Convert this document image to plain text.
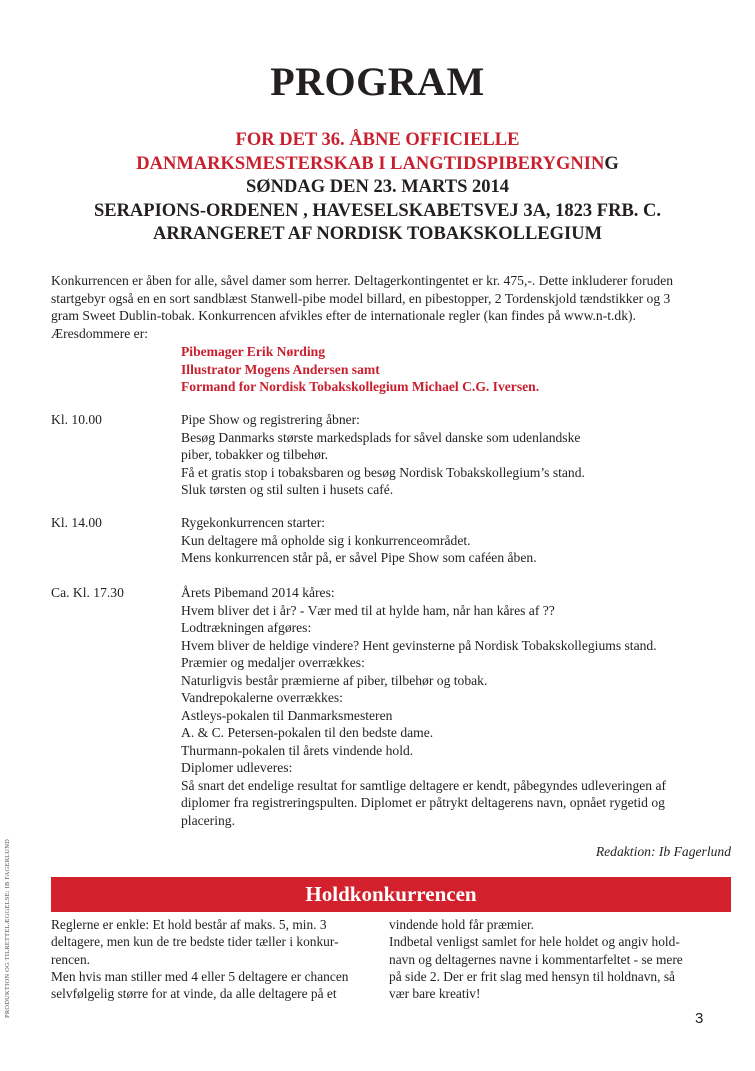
PROGRAM
FOR DET 36. ÅBNE OFFICIELLE
DANMARKSMESTERSKAB I LANGTIDSPIBERYGNING
SØNDAG DEN 23. MARTS 2014
SERAPIONS-ORDENEN , HAVESELSKABETSVEJ 3A, 1823 FRB. C.
ARRANGERET AF NORDISK TOBAKSKOLLEGIUM
Konkurrencen er åben for alle, såvel damer som herrer. Deltagerkontingentet er kr. 475,-. Dette inkluderer foruden
startgebyr også en en sort sandblæst Stanwell-pibe model billard, en pibestopper, 2 Tordenskjold tændstikker og 3
gram Sweet Dublin-tobak. Konkurrencen afvikles efter de internationale regler (kan findes på www.n-t.dk).
Æresdommere er:
Pibemager Erik Nørding
Illustrator Mogens Andersen samt
Formand for Nordisk Tobakskollegium Michael C.G. Iversen.
Kl. 10.00	Pipe Show og registrering åbner:
Besøg Danmarks største markedsplads for såvel danske som udenlandske
piber, tobakker og tilbehør.
Få et gratis stop i tobaksbaren og besøg Nordisk Tobakskollegium’s stand.
Sluk tørsten og stil sulten i husets café.
Kl. 14.00	Rygekonkurrencen starter:
Kun deltagere må opholde sig i konkurrenceområdet.
Mens konkurrencen står på, er såvel Pipe Show som caféen åben.
Ca. Kl. 17.30	Årets Pibemand 2014 kåres:
Hvem bliver det i år? - Vær med til at hylde ham, når han kåres af ??
Lodtrækningen afgøres:
Hvem bliver de heldige vindere? Hent gevinsterne på Nordisk Tobakskollegiums stand.
Præmier og medaljer overrækkes:
Naturligvis består præmierne af piber, tilbehør og tobak.
Vandrepokalerne overrækkes:
Astleys-pokalen til Danmarksmesteren
A. & C. Petersen-pokalen til den bedste dame.
Thurmann-pokalen til årets vindende hold.
Diplomer udleveres:
Så snart det endelige resultat for samtlige deltagere er kendt, påbegyndes udleveringen af
diplomer fra registreringspulten. Diplomet er påtrykt deltagerens navn, opnået rygetid og
placering.
Redaktion: Ib Fagerlund
Holdkonkurrencen
Reglerne er enkle: Et hold består af maks. 5, min. 3
deltagere, men kun de tre bedste tider tæller i konkur-
rencen.
Men hvis man stiller med 4 eller 5 deltagere er chancen
selvfølgelig større for at vinde, da alle deltagere på et
vindende hold får præmier.
Indbetal venligst samlet for hele holdet og angiv hold-
navn og deltagernes navne i kommentarfeltet - se mere
på side 2. Der er frit slag med hensyn til holdnavn, så
vær bare kreativ!
PRODUKTION OG TILRETTELÆGGELSE: IB FAGERLUND
3
